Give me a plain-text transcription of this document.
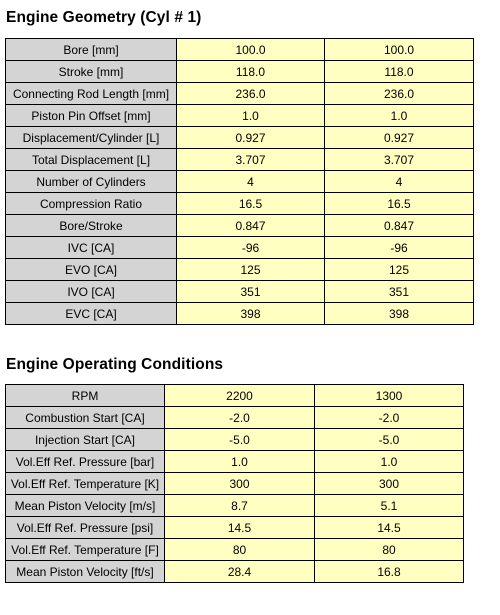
Engine Geometry (Cyl # 1)
Bore [mm]	100.0	100.0
Stroke [mm]	118.0	118.0
Connecting Rod Length [mm]	236.0	236.0
Piston Pin Offset [mm]	1.0	1.0
Displacement/Cylinder [L]	0.927	0.927
Total Displacement [L]	3.707	3.707
Number of Cylinders	4	4
Compression Ratio	16.5	16.5
Bore/Stroke	0.847	0.847
IVC [CA]	-96	-96
EVO [CA]	125	125
IVO [CA]	351	351
EVC [CA]	398	398
Engine Operating Conditions
RPM	2200	1300
Combustion Start [CA]	-2.0	-2.0
Injection Start [CA]	-5.0	-5.0
Vol.Eff Ref. Pressure [bar]	1.0	1.0
Vol.Eff Ref. Temperature [K]	300	300
Mean Piston Velocity [m/s]	8.7	5.1
Vol.Eff Ref. Pressure [psi]	14.5	14.5
Vol.Eff Ref. Temperature [F]	80	80
Mean Piston Velocity [ft/s]	28.4	16.8
